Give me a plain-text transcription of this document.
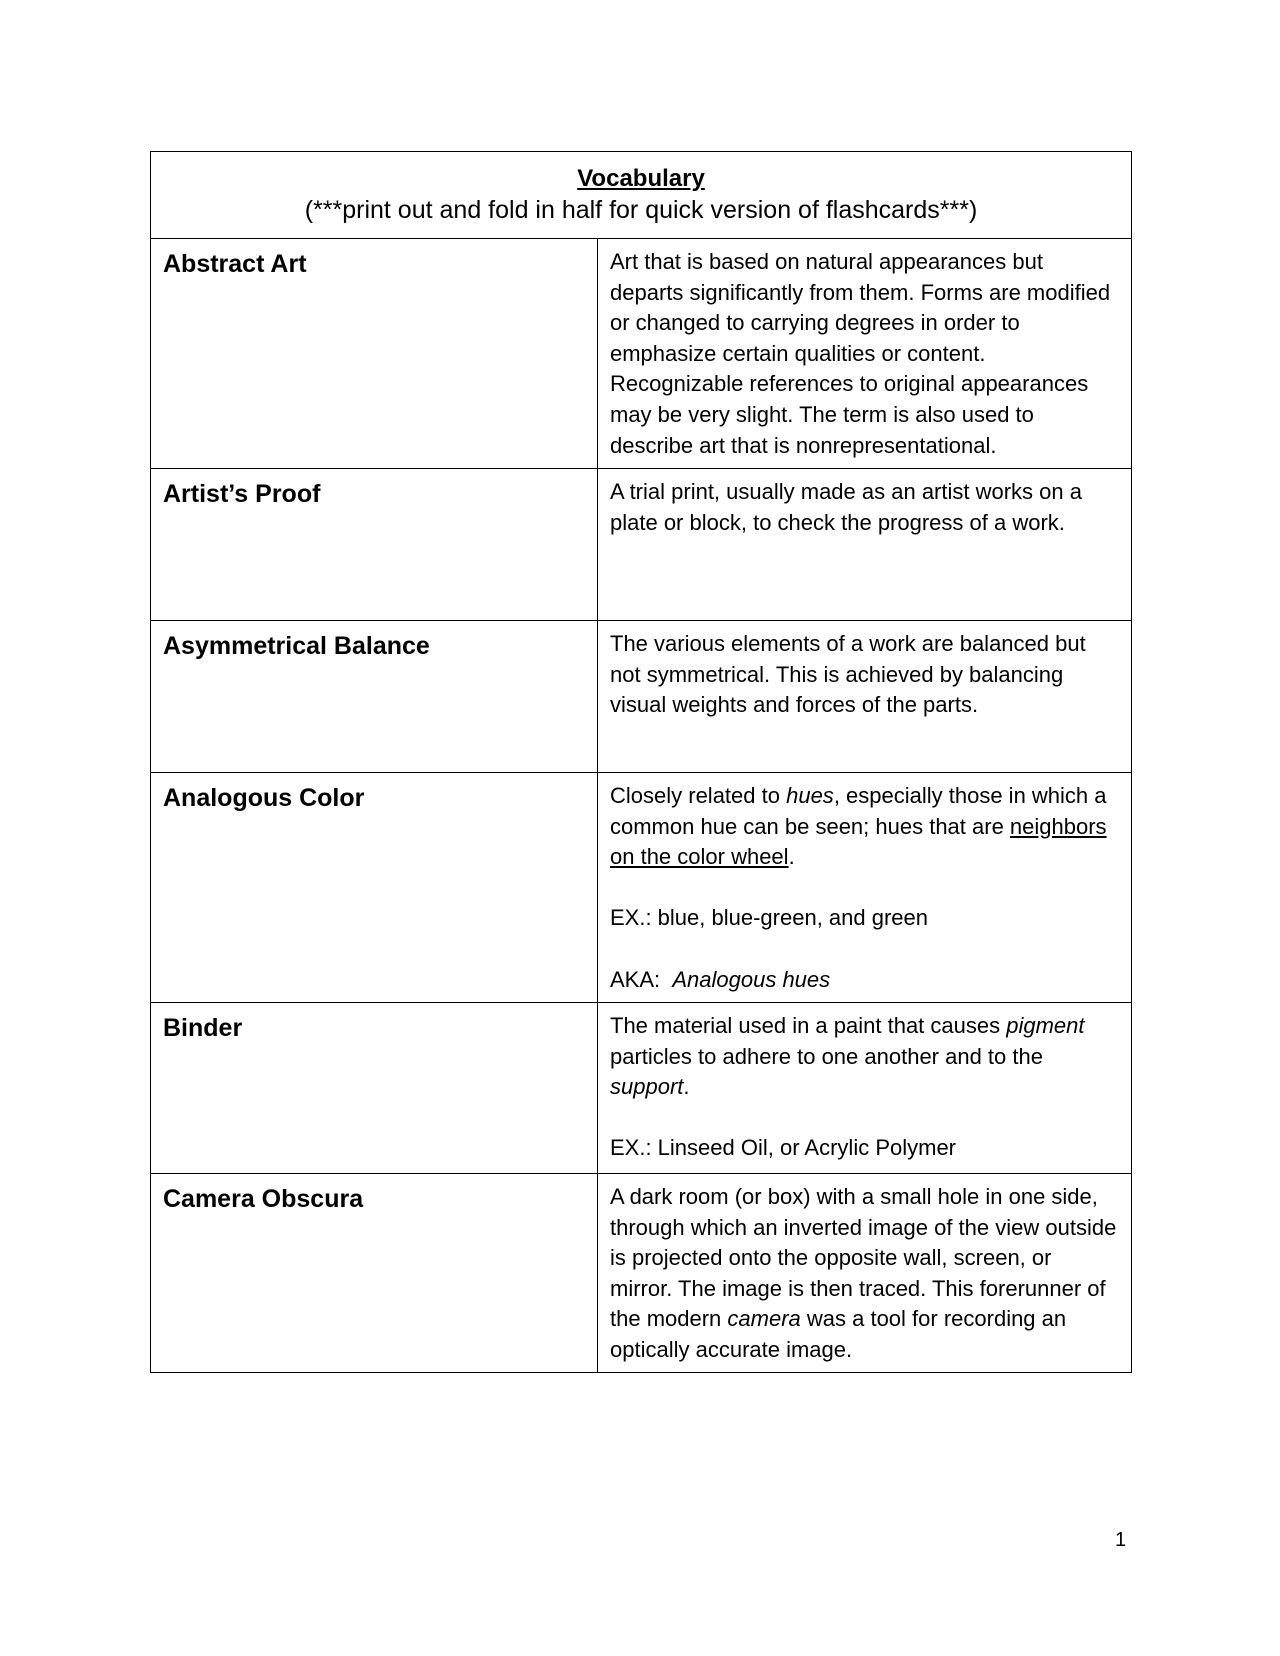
Vocabulary
(***print out and fold in half for quick version of flashcards***)	

Abstract Art	Art that is based on natural appearances but departs significantly from them. Forms are modified or changed to carrying degrees in order to emphasize certain qualities or content. Recognizable references to original appearances may be very slight. The term is also used to describe art that is nonrepresentational.

Artist’s Proof	A trial print, usually made as an artist works on a plate or block, to check the progress of a work.

Asymmetrical Balance	The various elements of a work are balanced but not symmetrical. This is achieved by balancing visual weights and forces of the parts.

Analogous Color	Closely related to hues, especially those in which a common hue can be seen; hues that are neighbors on the color wheel.

EX.: blue, blue-green, and green

AKA:  Analogous hues

Binder	The material used in a paint that causes pigment particles to adhere to one another and to the support.

EX.: Linseed Oil, or Acrylic Polymer

Camera Obscura	A dark room (or box) with a small hole in one side, through which an inverted image of the view outside is projected onto the opposite wall, screen, or mirror. The image is then traced. This forerunner of the modern camera was a tool for recording an optically accurate image.

1
